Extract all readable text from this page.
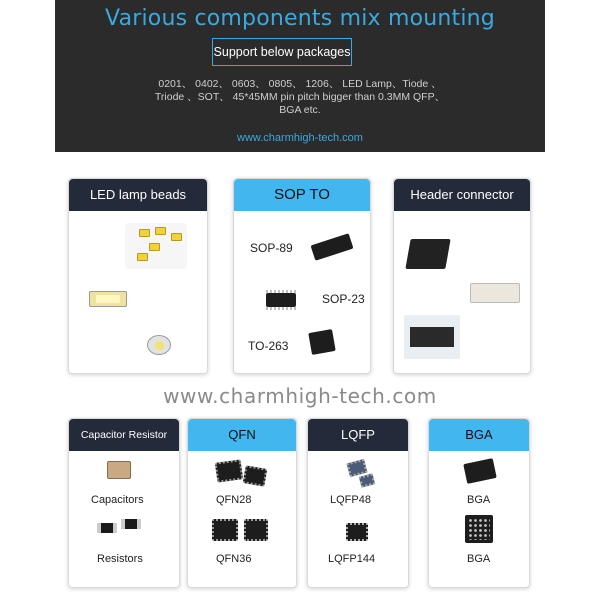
Various components mix mounting
Support below packages
0201、 0402、 0603、 0805、 1206、 LED Lamp、Tiode 、
Triode 、SOT、 45*45MM pin pitch bigger than 0.3MM QFP、
BGA etc.
www.charmhigh-tech.com
LED lamp beads	SOP TO
SOP-89
SOP-23
TO-263
Header connector
www.charmhigh-tech.com
Capacitor Resistor
Capacitors
Resistors
QFN
QFN28
QFN36
LQFP
LQFP48
LQFP144
BGA
BGA
BGA
